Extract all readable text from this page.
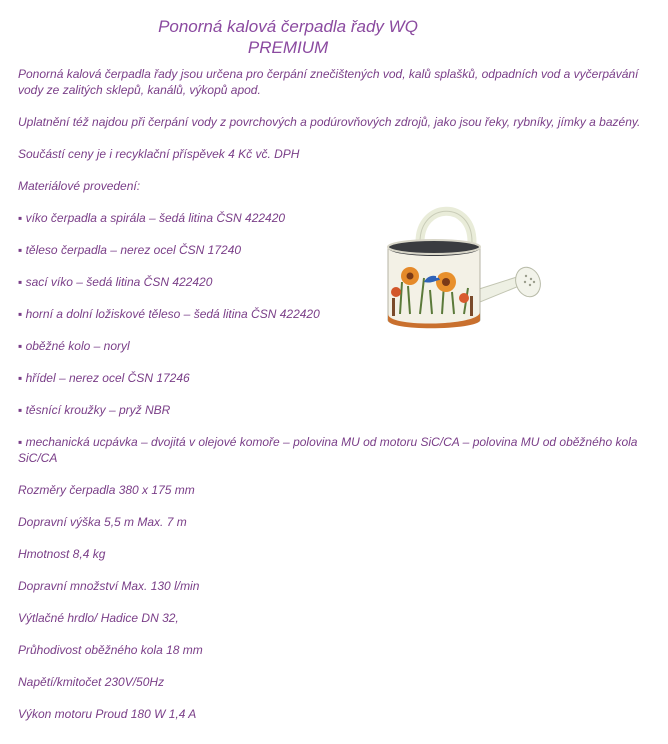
Ponorná kalová čerpadla řady WQ
PREMIUM

Ponorná kalová čerpadla řady jsou určena pro čerpání znečištených vod, kalů splašků, odpadních vod a vyčerpávání vody ze zalitých sklepů, kanálů, výkopů apod.

Uplatnění též najdou při čerpání vody z povrchových a podúrovňových zdrojů, jako jsou řeky, rybníky, jímky a bazény.

Součástí ceny je i recyklační příspěvek 4 Kč vč. DPH

Materiálové provedení:

▪ víko čerpadla a spirála – šedá litina ČSN 422420
▪ těleso čerpadla – nerez ocel ČSN 17240
▪ sací víko – šedá litina ČSN 422420
▪ horní a dolní ložiskové těleso – šedá litina ČSN 422420
▪ oběžné kolo – noryl
▪ hřídel – nerez ocel ČSN 17246
▪ těsnící kroužky – pryž NBR
▪ mechanická ucpávka – dvojitá v olejové komoře – polovina MU od motoru SiC/CA – polovina MU od oběžného kola SiC/CA
Rozměry čerpadla 380 x 175 mm
Dopravní výška 5,5 m Max. 7 m
Hmotnost 8,4 kg
Dopravní množství Max. 130 l/min
Výtlačné hrdlo/ Hadice DN 32,
Průhodivost oběžného kola 18 mm
Napětí/kmitočet 230V/50Hz
Výkon motoru Proud 180 W 1,4 A
